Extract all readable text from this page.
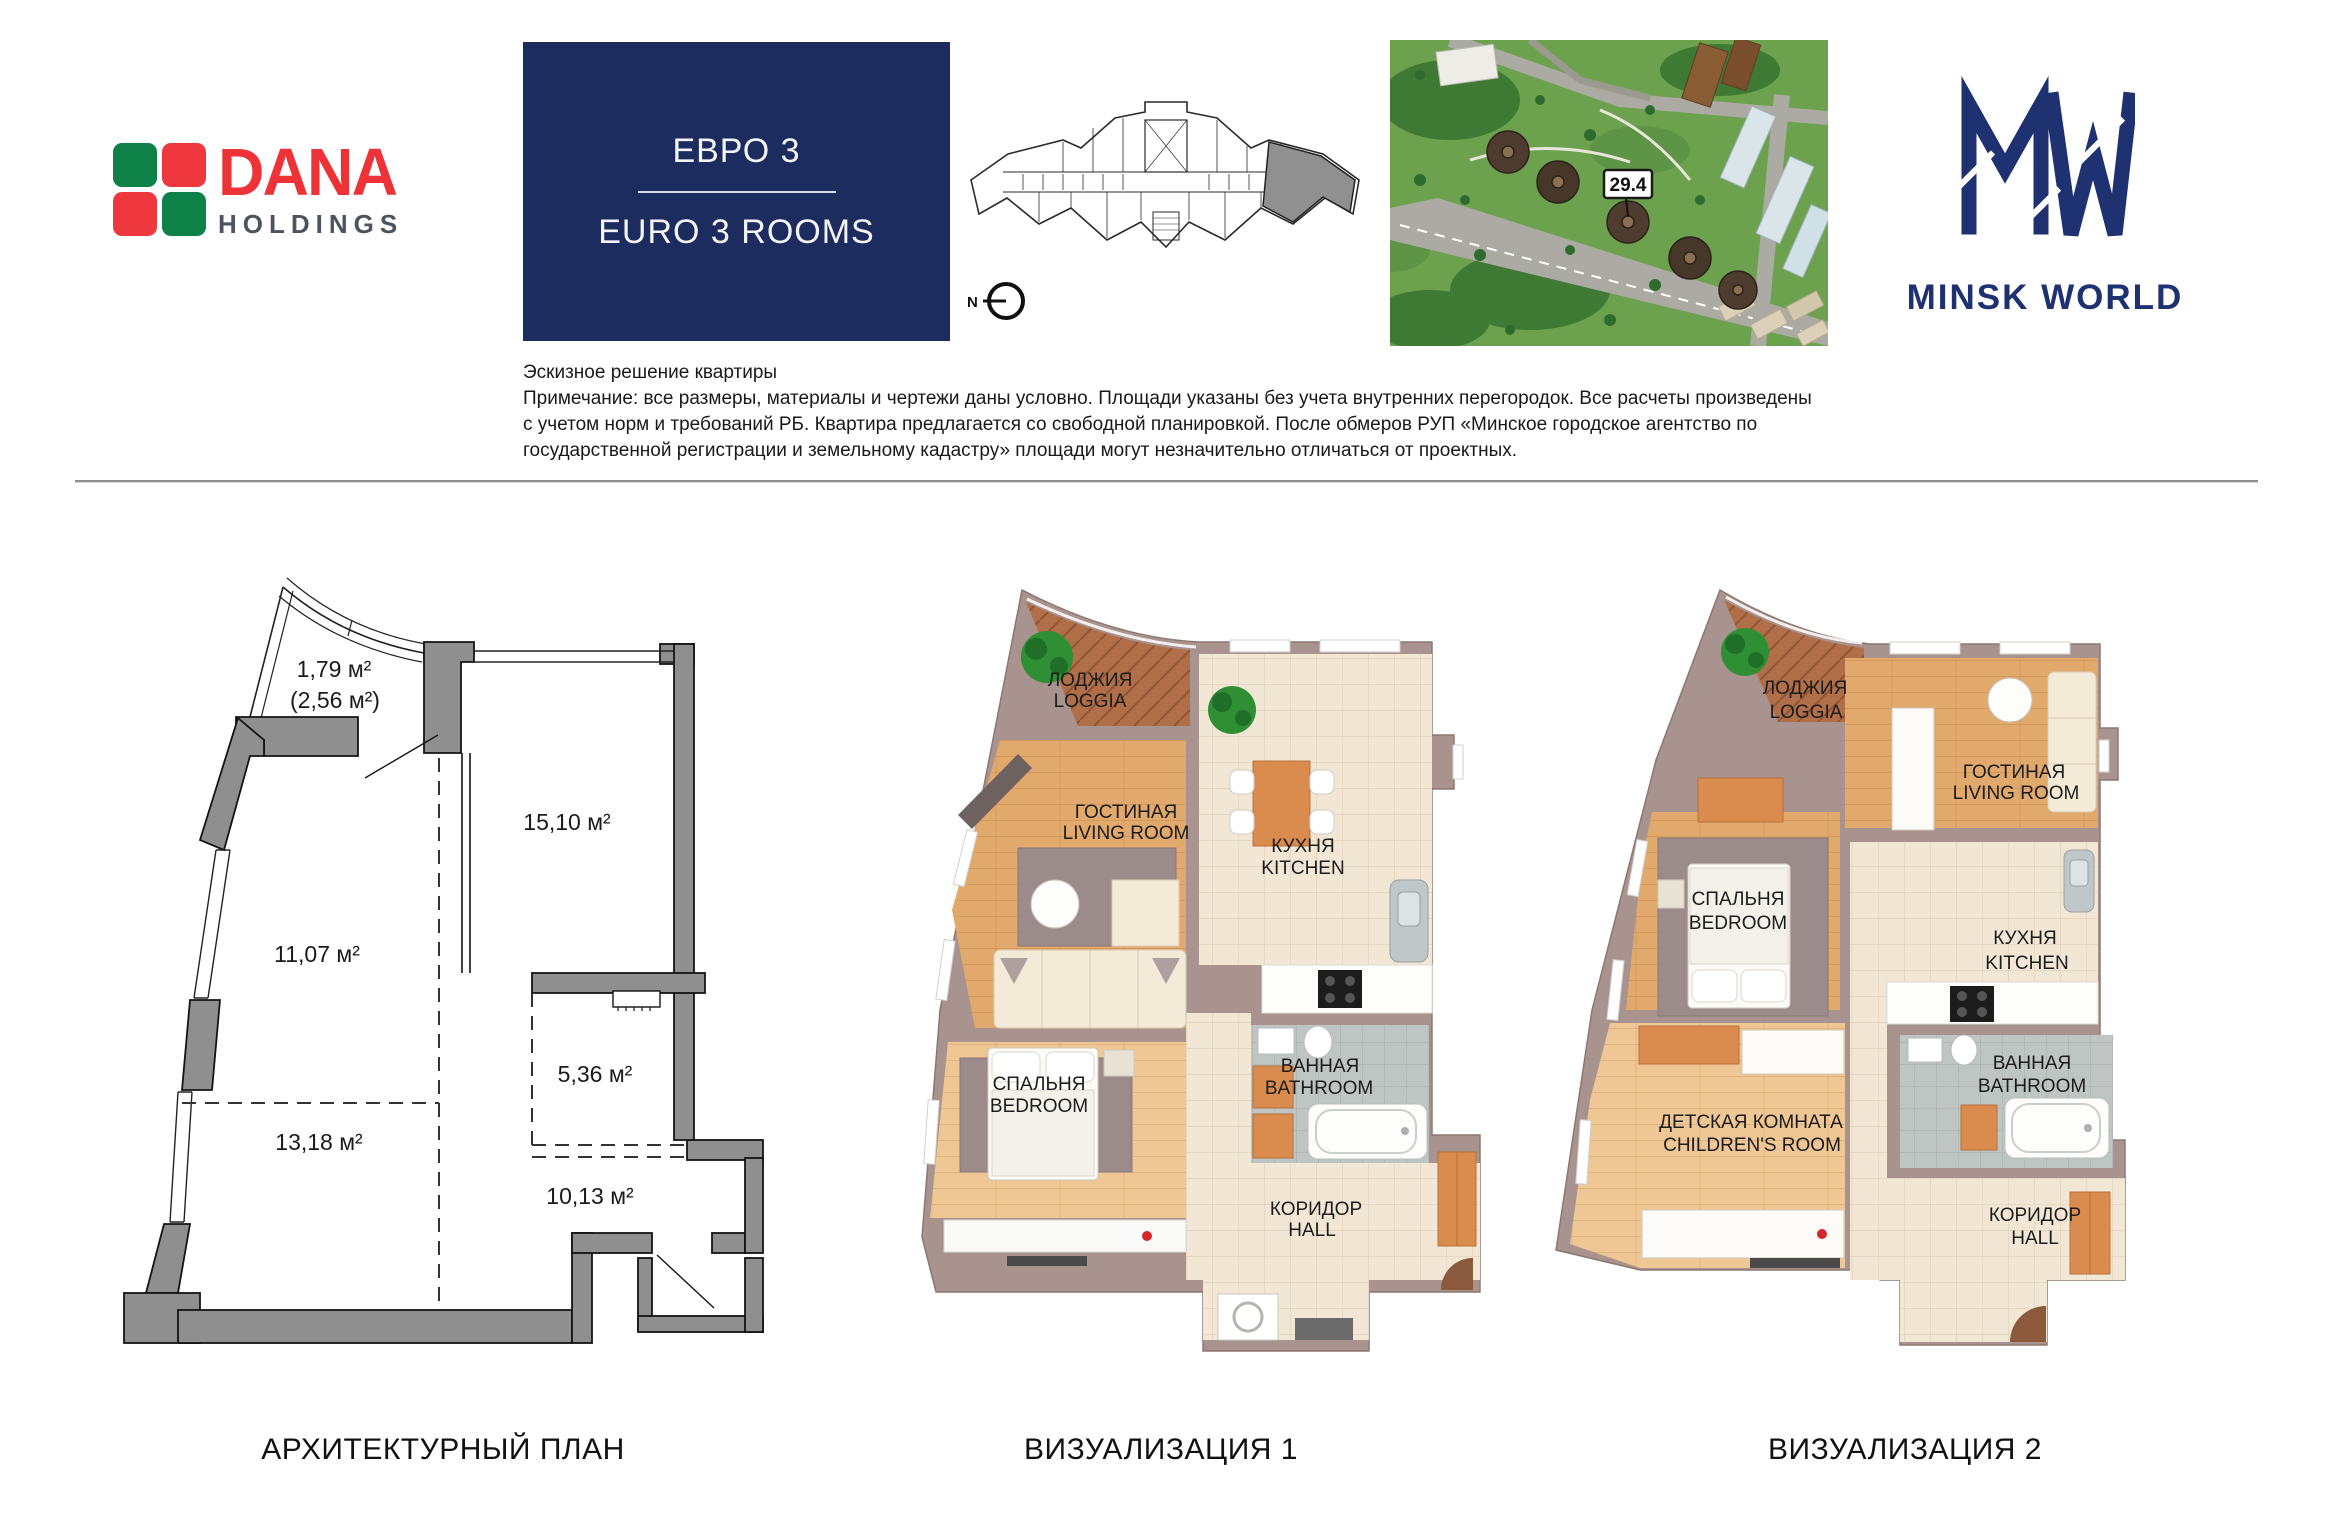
DANA
HOLDINGS
ЕВРО 3
EURO 3 ROOMS
N
29.4
MINSK WORLD
Эскизное решение квартиры
Примечание: все размеры, материалы и чертежи даны условно. Площади указаны без учета внутренних перегородок. Все расчеты произведены
с учетом норм и требований РБ. Квартира предлагается со свободной планировкой. После обмеров РУП «Минское городское агентство по
государственной регистрации и земельному кадастру» площади могут незначительно отличаться от проектных.
1,79 м²
(2,56 м²)
15,10 м²
11,07 м²
13,18 м²
5,36 м²
10,13 м²
ЛОДЖИЯ
LOGGIA
ГОСТИНАЯ
LIVING ROOM
КУХНЯ
KITCHEN
СПАЛЬНЯ
BEDROOM
ВАННАЯ
BATHROOM
КОРИДОР
HALL
ЛОДЖИЯ
LOGGIA
ГОСТИНАЯ
LIVING ROOM
СПАЛЬНЯ
BEDROOM
КУХНЯ
KITCHEN
ДЕТСКАЯ КОМНАТА
CHILDREN'S ROOM
ВАННАЯ
BATHROOM
КОРИДОР
HALL
АРХИТЕКТУРНЫЙ ПЛАН	ВИЗУАЛИЗАЦИЯ 1	ВИЗУАЛИЗАЦИЯ 2
